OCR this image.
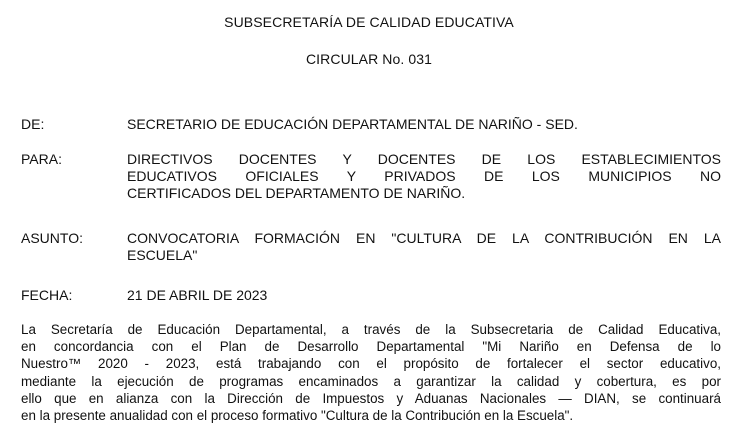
SUBSECRETARÍA DE CALIDAD EDUCATIVA
CIRCULAR No. 031
DE:	SECRETARIO DE EDUCACIÓN DEPARTAMENTAL DE NARIÑO - SED.
PARA:	DIRECTIVOS DOCENTES Y DOCENTES DE LOS ESTABLECIMIENTOS
EDUCATIVOS OFICIALES Y PRIVADOS DE LOS MUNICIPIOS NO
CERTIFICADOS DEL DEPARTAMENTO DE NARIÑO.
ASUNTO:	CONVOCATORIA FORMACIÓN EN "CULTURA DE LA CONTRIBUCIÓN EN LA
ESCUELA"
FECHA:	21 DE ABRIL DE 2023
La Secretaría de Educación Departamental, a través de la Subsecretaria de Calidad Educativa,
en concordancia con el Plan de Desarrollo Departamental "Mi Nariño en Defensa de lo
Nuestro™ 2020 - 2023, está trabajando con el propósito de fortalecer el sector educativo,
mediante la ejecución de programas encaminados a garantizar la calidad y cobertura, es por
ello que en alianza con la Dirección de Impuestos y Aduanas Nacionales — DIAN, se continuará
en la presente anualidad con el proceso formativo "Cultura de la Contribución en la Escuela".
